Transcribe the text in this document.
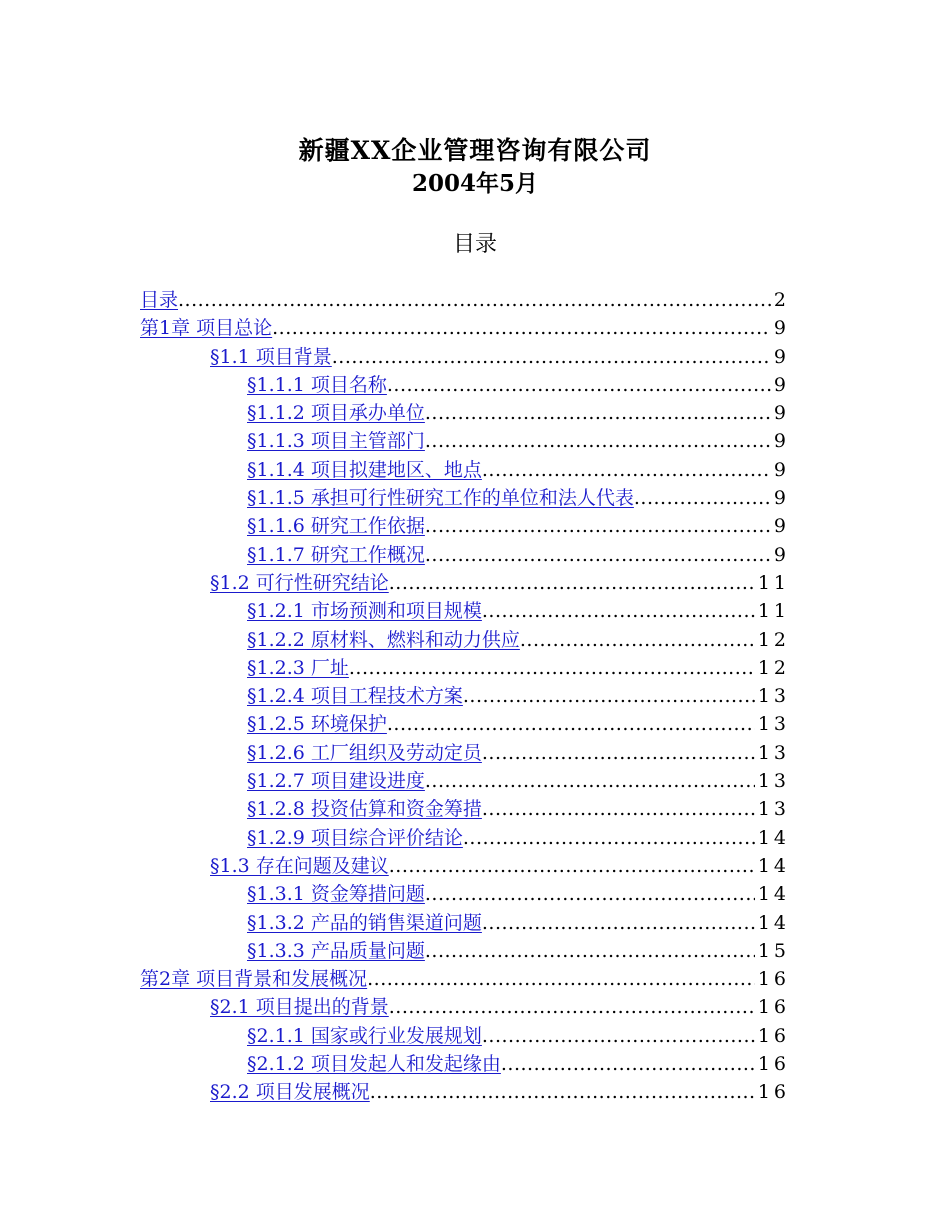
新疆XX企业管理咨询有限公司
2004年5月
目录
目录 .....	2
第1章 项目总论 .....	9
§1.1 项目背景 .....	9
§1.1.1 项目名称 .....	9
§1.1.2 项目承办单位 .....	9
§1.1.3 项目主管部门 .....	9
§1.1.4 项目拟建地区、地点 .....	9
§1.1.5 承担可行性研究工作的单位和法人代表 .....	9
§1.1.6 研究工作依据 .....	9
§1.1.7 研究工作概况 .....	9
§1.2 可行性研究结论 .....	11
§1.2.1 市场预测和项目规模 .....	11
§1.2.2 原材料、燃料和动力供应 .....	12
§1.2.3 厂址 .....	12
§1.2.4 项目工程技术方案 .....	13
§1.2.5 环境保护 .....	13
§1.2.6 工厂组织及劳动定员 .....	13
§1.2.7 项目建设进度 .....	13
§1.2.8 投资估算和资金筹措 .....	13
§1.2.9 项目综合评价结论 .....	14
§1.3 存在问题及建议 .....	14
§1.3.1 资金筹措问题 .....	14
§1.3.2 产品的销售渠道问题 .....	14
§1.3.3 产品质量问题 .....	15
第2章 项目背景和发展概况 .....	16
§2.1 项目提出的背景 .....	16
§2.1.1 国家或行业发展规划 .....	16
§2.1.2 项目发起人和发起缘由 .....	16
§2.2 项目发展概况 .....	16
